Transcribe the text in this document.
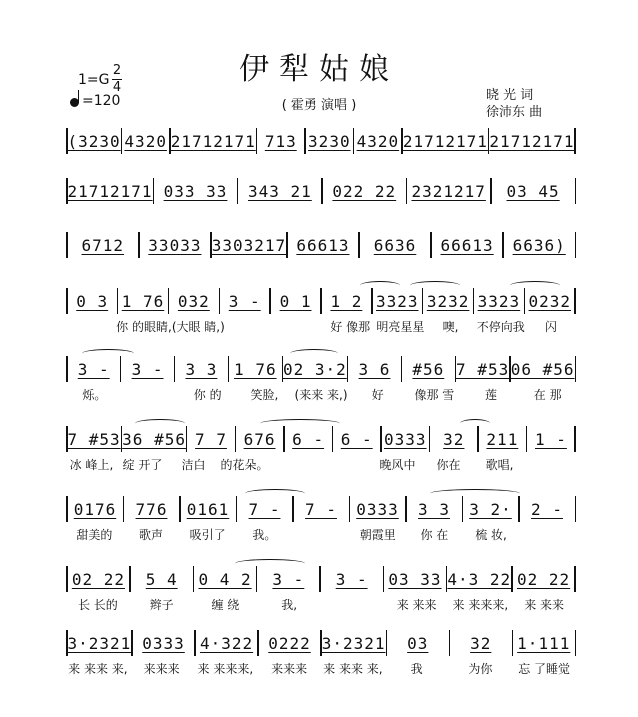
1=G
2
4
=120
伊犁姑娘
( 霍勇 演唱 )
晓 光 词
徐沛东 曲
(3230 4320 21712171 713 3230 4320 21712171 21712171
21712171 033 33	343 21	022 22 2321217	03 45
6712	33033 3303217 66613	6636	66613	6636)
0 3 1 76 032	3 -	0 1	1 2 3323 3232 3323 0232
你 的眼睛, (大眼 睛,)	好 像那 明亮星星	噢,	不停向我	闪
3 -	3 -	3 3	1 76 02 3·2 3 6	#56 7 #53 06 #56
烁。	你 的	笑脸,	(来来 来,)	好	像那 雪	莲	在 那
7 #53 36 #56 7 7	676	6 -	6 - 0333	32	211	1 -
冰 峰上, 绽 开了	洁白	的花朵。	晚风中	你在	歌唱,
0176	776	0161	7 -	7 -	0333	3 3	3 2·	2 -
甜美的	歌声	吸引了	我。	朝霞里	你 在	梳 妆,
02 22	5 4	0 4 2	3 -	3 -	03 33 4·3 22 02 22
长 长的	辫子	缠 绕	我,	来 来来	来 来来来,	来 来来
3·2321 0333 4·322 0222 3·2321	03	32	1·111
来 来来 来,	来来来	来 来来来,	来来来	来 来来 来,	我	为你	忘 了睡觉
